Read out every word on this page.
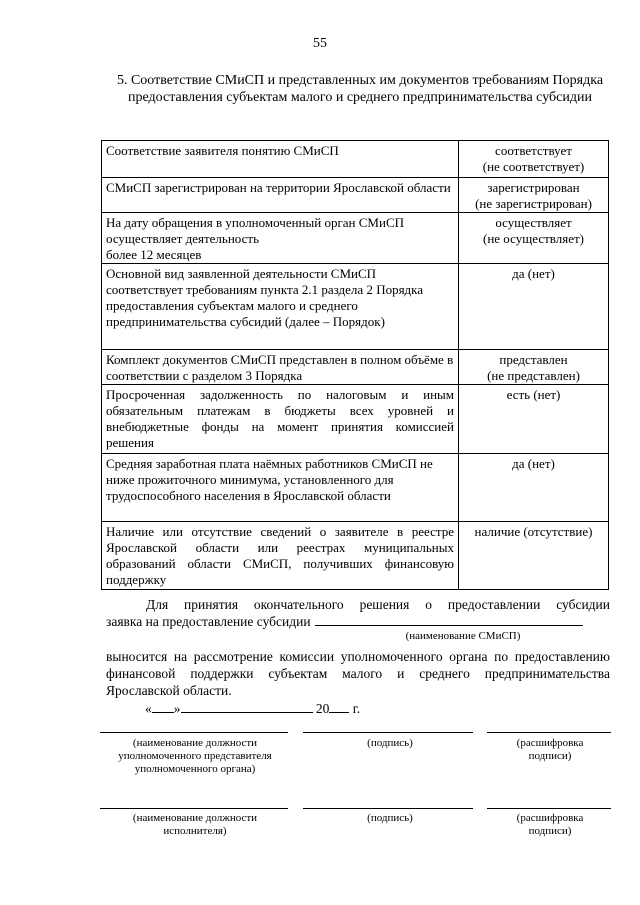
55
5. Соответствие СМиСП и представленных им документов требованиям Порядка предоставления субъектам малого и среднего предпринимательства субсидии
Соответствие заявителя понятию СМиСП	соответствует
(не соответствует)
СМиСП зарегистрирован на территории Ярославской области	зарегистрирован
(не зарегистрирован)
На дату обращения в уполномоченный орган СМиСП осуществляет деятельность
более 12 месяцев	осуществляет
(не осуществляет)
Основной вид заявленной деятельности СМиСП соответствует требованиям пункта 2.1 раздела 2 Порядка предоставления субъектам малого и среднего предпринимательства субсидий (далее – Порядок)	да (нет)
Комплект документов СМиСП представлен в полном объёме в соответствии с разделом 3 Порядка	представлен
(не представлен)
Просроченная задолженность по налоговым и иным обязательным платежам в бюджеты всех уровней и внебюджетные фонды на момент принятия комиссией решения	есть (нет)
Средняя заработная плата наёмных работников СМиСП не ниже прожиточного минимума, установленного для трудоспособного населения в Ярославской области	да (нет)
Наличие или отсутствие сведений о заявителе в реестре Ярославской области или реестрах муниципальных образований области СМиСП, получивших финансовую поддержку	наличие (отсутствие)
Для принятия окончательного решения о предоставлении субсидии
заявка на предоставление субсидии
(наименование СМиСП)
выносится на рассмотрение комиссии уполномоченного органа по предоставлению финансовой поддержки субъектам малого и среднего предпринимательства Ярославской области.
« »	20 г.
(наименование должности уполномоченного представителя уполномоченного органа)
(подпись)	(расшифровка подписи)
(наименование должности исполнителя)
(подпись)	(расшифровка подписи)
